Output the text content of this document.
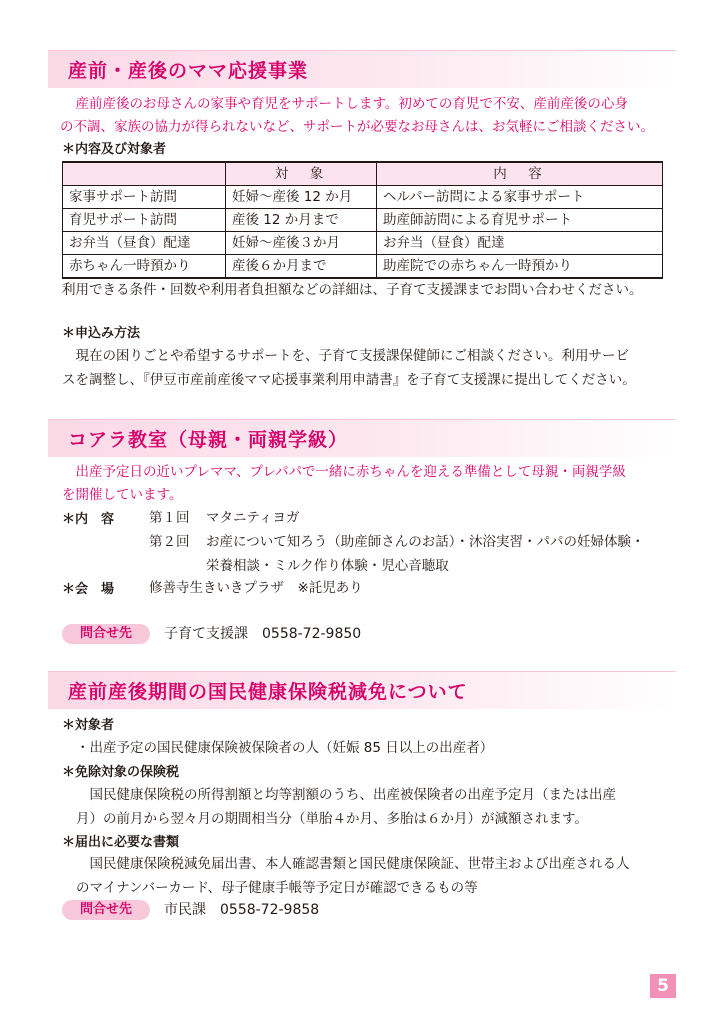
産前・産後のママ応援事業
　産前産後のお母さんの家事や育児をサポートします。初めての育児で不安、産前産後の心身
の不調、家族の協力が得られないなど、サポートが必要なお母さんは、お気軽にご相談ください。
＊内容及び対象者
	対　象	内　容
家事サポート訪問	妊婦～産後 12 か月	ヘルパー訪問による家事サポート
育児サポート訪問	産後 12 か月まで	助産師訪問による育児サポート
お弁当（昼食）配達	妊婦～産後３か月	お弁当（昼食）配達
赤ちゃん一時預かり	産後６か月まで	助産院での赤ちゃん一時預かり
利用できる条件・回数や利用者負担額などの詳細は、子育て支援課までお問い合わせください。
＊申込み方法
　現在の困りごとや希望するサポートを、子育て支援課保健師にご相談ください。利用サービ
スを調整し、『伊豆市産前産後ママ応援事業利用申請書』を子育て支援課に提出してください。
コアラ教室（母親・両親学級）
　出産予定日の近いプレママ、プレパパで一緒に赤ちゃんを迎える準備として母親・両親学級
を開催しています。
＊内　容	第１回 マタニティヨガ
第２回 お産について知ろう（助産師さんのお話）・沐浴実習・パパの妊婦体験・
栄養相談・ミルク作り体験・児心音聴取
＊会　場	修善寺生きいきプラザ　※託児あり
問合せ先	子育て支援課　0558-72-9850
産前産後期間の国民健康保険税減免について
＊対象者
・出産予定の国民健康保険被保険者の人（妊娠 85 日以上の出産者）
＊免除対象の保険税
　国民健康保険税の所得割額と均等割額のうち、出産被保険者の出産予定月（または出産
月）の前月から翌々月の期間相当分（単胎４か月、多胎は６か月）が減額されます。
＊届出に必要な書類
　国民健康保険税減免届出書、本人確認書類と国民健康保険証、世帯主および出産される人
のマイナンバーカード、母子健康手帳等予定日が確認できるもの等
問合せ先	市民課　0558-72-9858
5
